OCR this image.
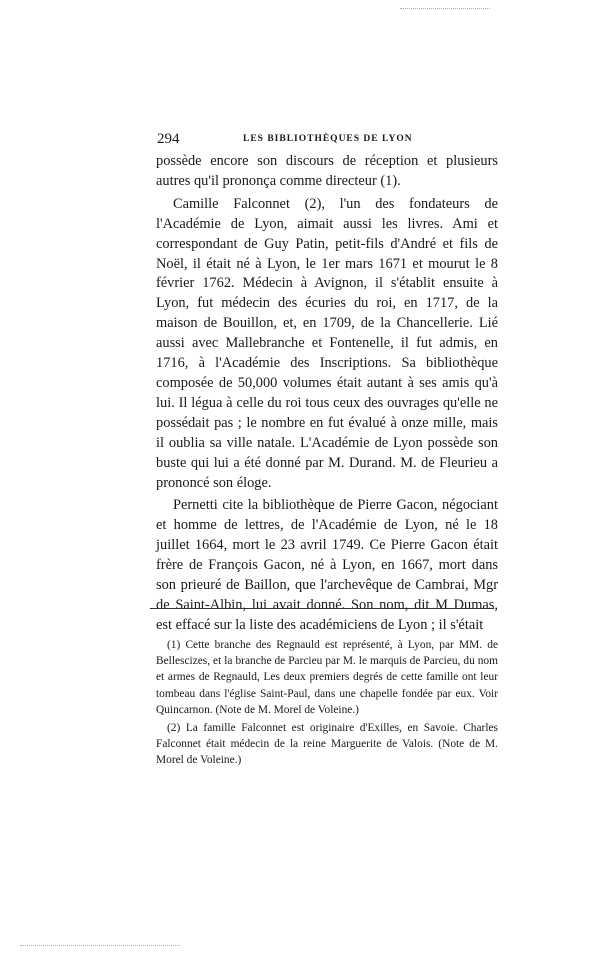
294	LES BIBLIOTHÈQUES DE LYON

possède encore son discours de réception et plusieurs autres qu'il prononça comme directeur (1).

Camille Falconnet (2), l'un des fondateurs de l'Académie de Lyon, aimait aussi les livres. Ami et correspondant de Guy Patin, petit-fils d'André et fils de Noël, il était né à Lyon, le 1er mars 1671 et mourut le 8 février 1762. Médecin à Avignon, il s'établit ensuite à Lyon, fut médecin des écuries du roi, en 1717, de la maison de Bouillon, et, en 1709, de la Chancellerie. Lié aussi avec Mallebranche et Fontenelle, il fut admis, en 1716, à l'Académie des Inscriptions. Sa bibliothèque composée de 50,000 volumes était autant à ses amis qu'à lui. Il légua à celle du roi tous ceux des ouvrages qu'elle ne possédait pas ; le nombre en fut évalué à onze mille, mais il oublia sa ville natale. L'Académie de Lyon possède son buste qui lui a été donné par M. Durand. M. de Fleurieu a prononcé son éloge.

Pernetti cite la bibliothèque de Pierre Gacon, négociant et homme de lettres, de l'Académie de Lyon, né le 18 juillet 1664, mort le 23 avril 1749. Ce Pierre Gacon était frère de François Gacon, né à Lyon, en 1667, mort dans son prieuré de Baillon, que l'archevêque de Cambrai, Mgr de Saint-Albin, lui avait donné. Son nom, dit M Dumas, est effacé sur la liste des académiciens de Lyon ; il s'était

(1) Cette branche des Regnauld est représenté, à Lyon, par MM. de Bellescizes, et la branche de Parcieu par M. le marquis de Parcieu, du nom et armes de Regnauld, Les deux premiers degrés de cette famille ont leur tombeau dans l'église Saint-Paul, dans une chapelle fondée par eux. Voir Quincarnon. (Note de M. Morel de Voleine.)

(2) La famille Falconnet est originaire d'Exilles, en Savoie. Charles Falconnet était médecin de la reine Marguerite de Valois. (Note de M. Morel de Voleine.)
